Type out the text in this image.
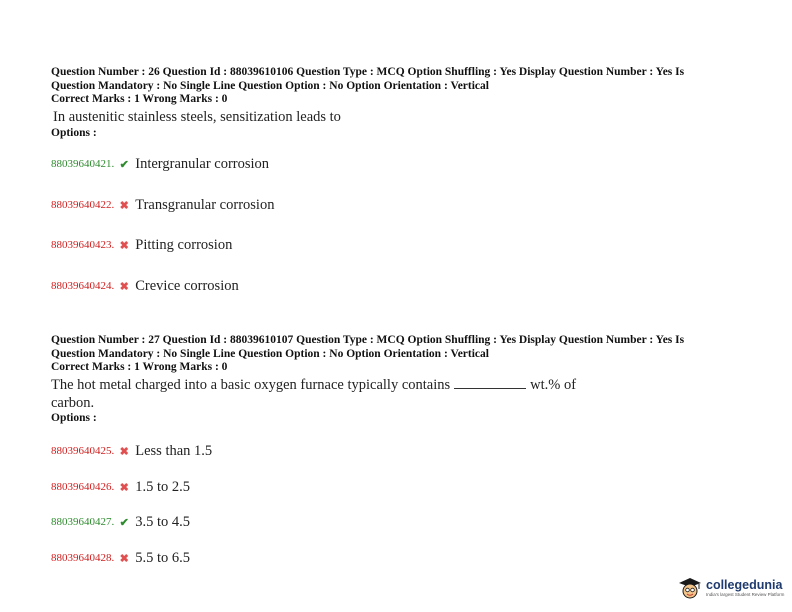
Question Number : 26 Question Id : 88039610106 Question Type : MCQ Option Shuffling : Yes Display Question Number : Yes Is
Question Mandatory : No Single Line Question Option : No Option Orientation : Vertical
Correct Marks : 1 Wrong Marks : 0
In austenitic stainless steels, sensitization leads to
Options :
88039640421. ✔ Intergranular corrosion
88039640422. ✖ Transgranular corrosion
88039640423. ✖ Pitting corrosion
88039640424. ✖ Crevice corrosion
Question Number : 27 Question Id : 88039610107 Question Type : MCQ Option Shuffling : Yes Display Question Number : Yes Is
Question Mandatory : No Single Line Question Option : No Option Orientation : Vertical
Correct Marks : 1 Wrong Marks : 0
The hot metal charged into a basic oxygen furnace typically contains	wt.% of
carbon.
Options :
88039640425. ✖ Less than 1.5
88039640426. ✖ 1.5 to 2.5
88039640427. ✔ 3.5 to 4.5
88039640428. ✖ 5.5 to 6.5
collegedunia
India's largest Student Review Platform
